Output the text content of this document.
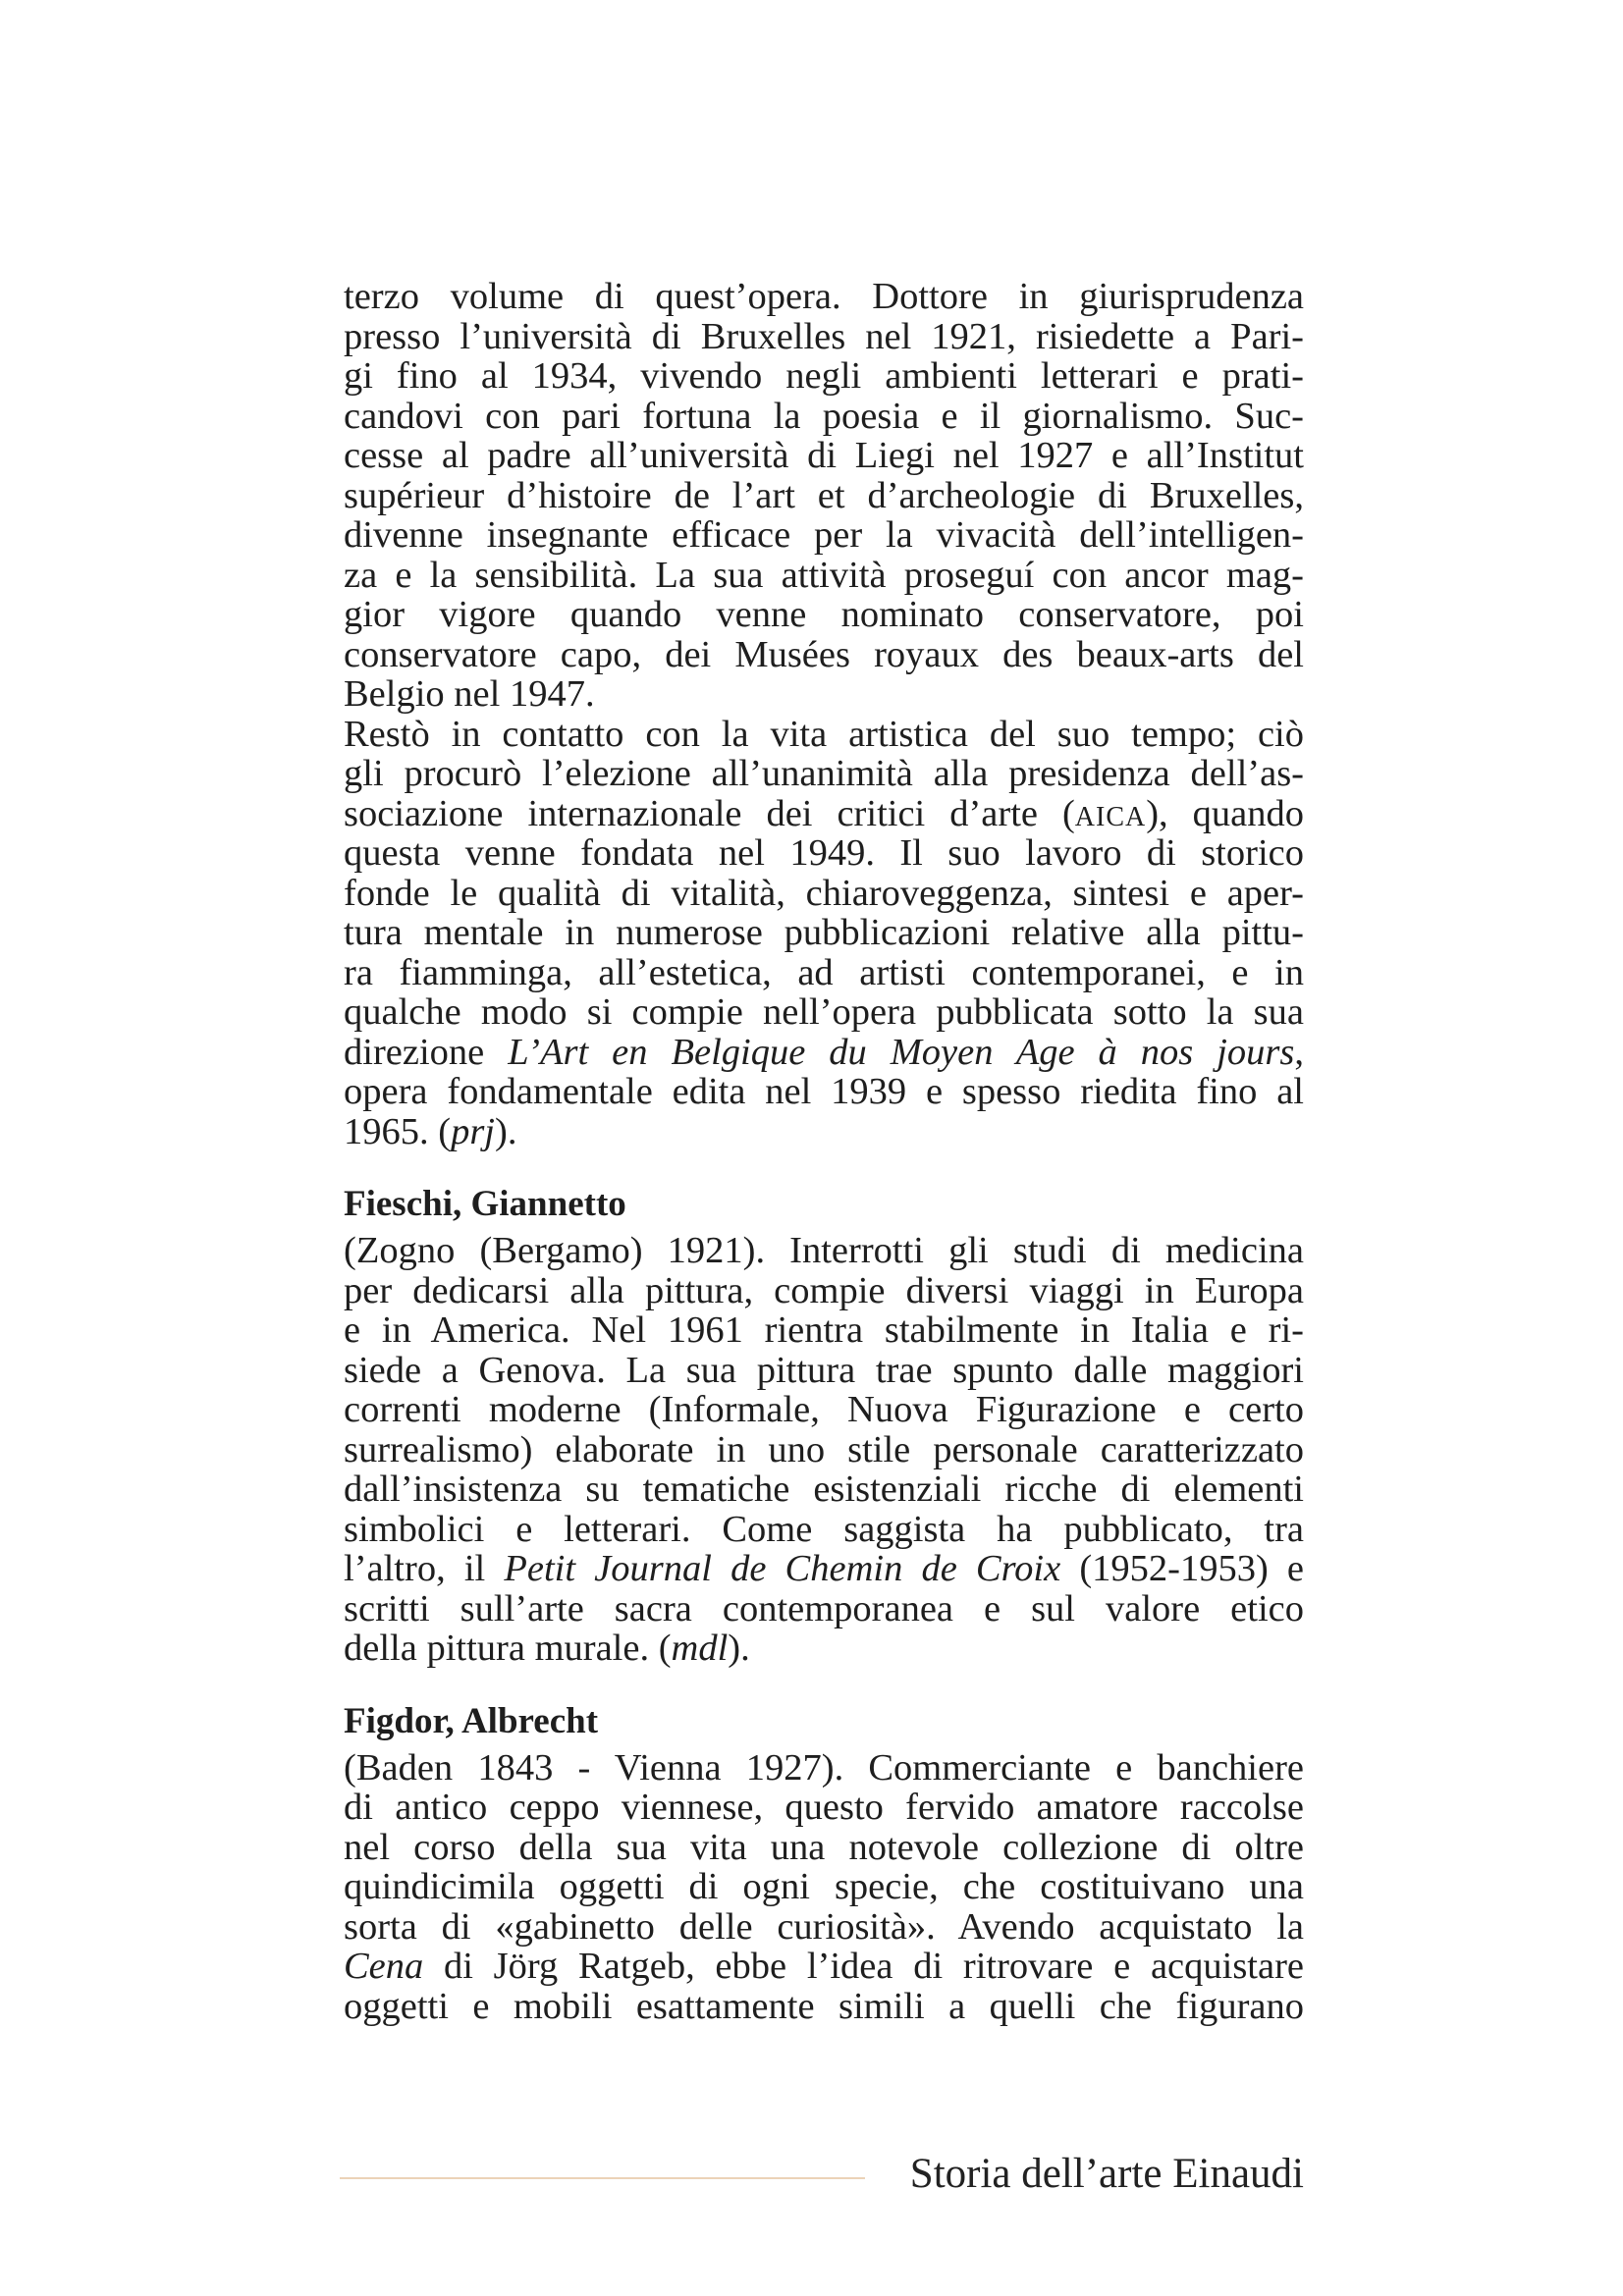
terzo volume di quest’opera. Dottore in giurisprudenza
presso l’università di Bruxelles nel 1921, risiedette a Pari-
gi fino al 1934, vivendo negli ambienti letterari e prati-
candovi con pari fortuna la poesia e il giornalismo. Suc-
cesse al padre all’università di Liegi nel 1927 e all’Institut
supérieur d’histoire de l’art et d’archeologie di Bruxelles,
divenne insegnante efficace per la vivacità dell’intelligen-
za e la sensibilità. La sua attività proseguí con ancor mag-
gior vigore quando venne nominato conservatore, poi
conservatore capo, dei Musées royaux des beaux-arts del
Belgio nel 1947.
Restò in contatto con la vita artistica del suo tempo; ciò
gli procurò l’elezione all’unanimità alla presidenza dell’as-
sociazione internazionale dei critici d’arte (AICA), quando
questa venne fondata nel 1949. Il suo lavoro di storico
fonde le qualità di vitalità, chiaroveggenza, sintesi e aper-
tura mentale in numerose pubblicazioni relative alla pittu-
ra fiamminga, all’estetica, ad artisti contemporanei, e in
qualche modo si compie nell’opera pubblicata sotto la sua
direzione L’Art en Belgique du Moyen Age à nos jours,
opera fondamentale edita nel 1939 e spesso riedita fino al
1965. (prj).
Fieschi, Giannetto
(Zogno (Bergamo) 1921). Interrotti gli studi di medicina
per dedicarsi alla pittura, compie diversi viaggi in Europa
e in America. Nel 1961 rientra stabilmente in Italia e ri-
siede a Genova. La sua pittura trae spunto dalle maggiori
correnti moderne (Informale, Nuova Figurazione e certo
surrealismo) elaborate in uno stile personale caratterizzato
dall’insistenza su tematiche esistenziali ricche di elementi
simbolici e letterari. Come saggista ha pubblicato, tra
l’altro, il Petit Journal de Chemin de Croix (1952-1953) e
scritti sull’arte sacra contemporanea e sul valore etico
della pittura murale. (mdl).
Figdor, Albrecht
(Baden 1843 - Vienna 1927). Commerciante e banchiere
di antico ceppo viennese, questo fervido amatore raccolse
nel corso della sua vita una notevole collezione di oltre
quindicimila oggetti di ogni specie, che costituivano una
sorta di «gabinetto delle curiosità». Avendo acquistato la
Cena di Jörg Ratgeb, ebbe l’idea di ritrovare e acquistare
oggetti e mobili esattamente simili a quelli che figurano
Storia dell’arte Einaudi
